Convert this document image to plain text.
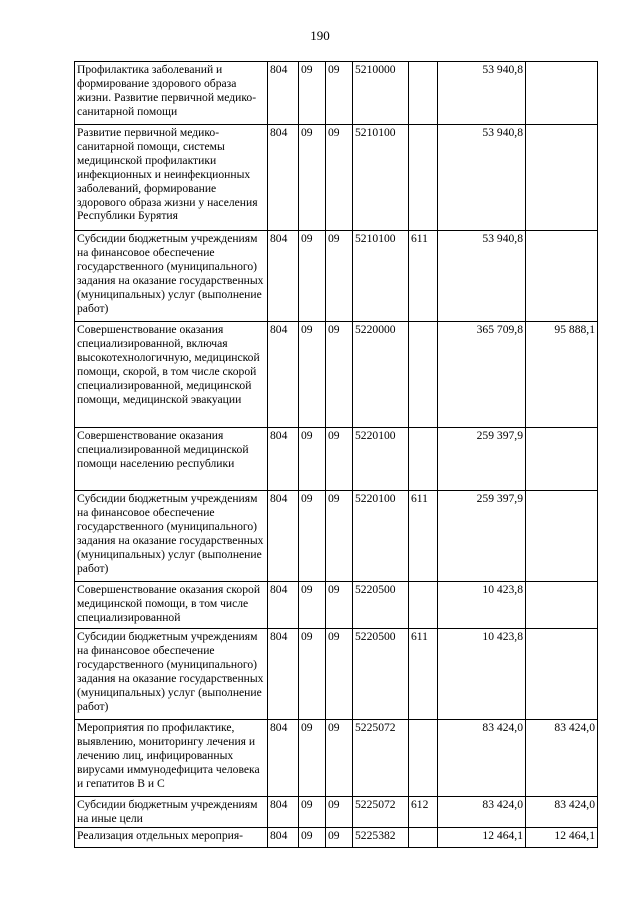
190
Профилактика заболеваний и формирование здорового образа жизни. Развитие первичной медико-санитарной помощи	804	09	09	5210000		53 940,8	
Развитие первичной медико-санитарной помощи, системы медицинской профилактики инфекционных и неинфекционных заболеваний, формирование здорового образа жизни у населения Республики Бурятия	804	09	09	5210100		53 940,8	
Субсидии бюджетным учреждениям на финансовое обеспечение государственного (муниципального) задания на оказание государственных (муниципальных) услуг (выполнение работ)	804	09	09	5210100	611	53 940,8	
Совершенствование оказания специализированной, включая высокотехнологичную, медицинской помощи, скорой, в том числе скорой специализированной, медицинской помощи, медицинской эвакуации	804	09	09	5220000		365 709,8	95 888,1
Совершенствование оказания специализированной медицинской помощи населению республики	804	09	09	5220100		259 397,9	
Субсидии бюджетным учреждениям на финансовое обеспечение государственного (муниципального) задания на оказание государственных (муниципальных) услуг (выполнение работ)	804	09	09	5220100	611	259 397,9	
Совершенствование оказания скорой медицинской помощи, в том числе специализированной	804	09	09	5220500		10 423,8	
Субсидии бюджетным учреждениям на финансовое обеспечение государственного (муниципального) задания на оказание государственных (муниципальных) услуг (выполнение работ)	804	09	09	5220500	611	10 423,8	
Мероприятия по профилактике, выявлению, мониторингу лечения и лечению лиц, инфицированных вирусами иммунодефицита человека и гепатитов В и С	804	09	09	5225072		83 424,0	83 424,0
Субсидии бюджетным учреждениям на иные цели	804	09	09	5225072	612	83 424,0	83 424,0
Реализация отдельных мероприя-	804	09	09	5225382		12 464,1	12 464,1
